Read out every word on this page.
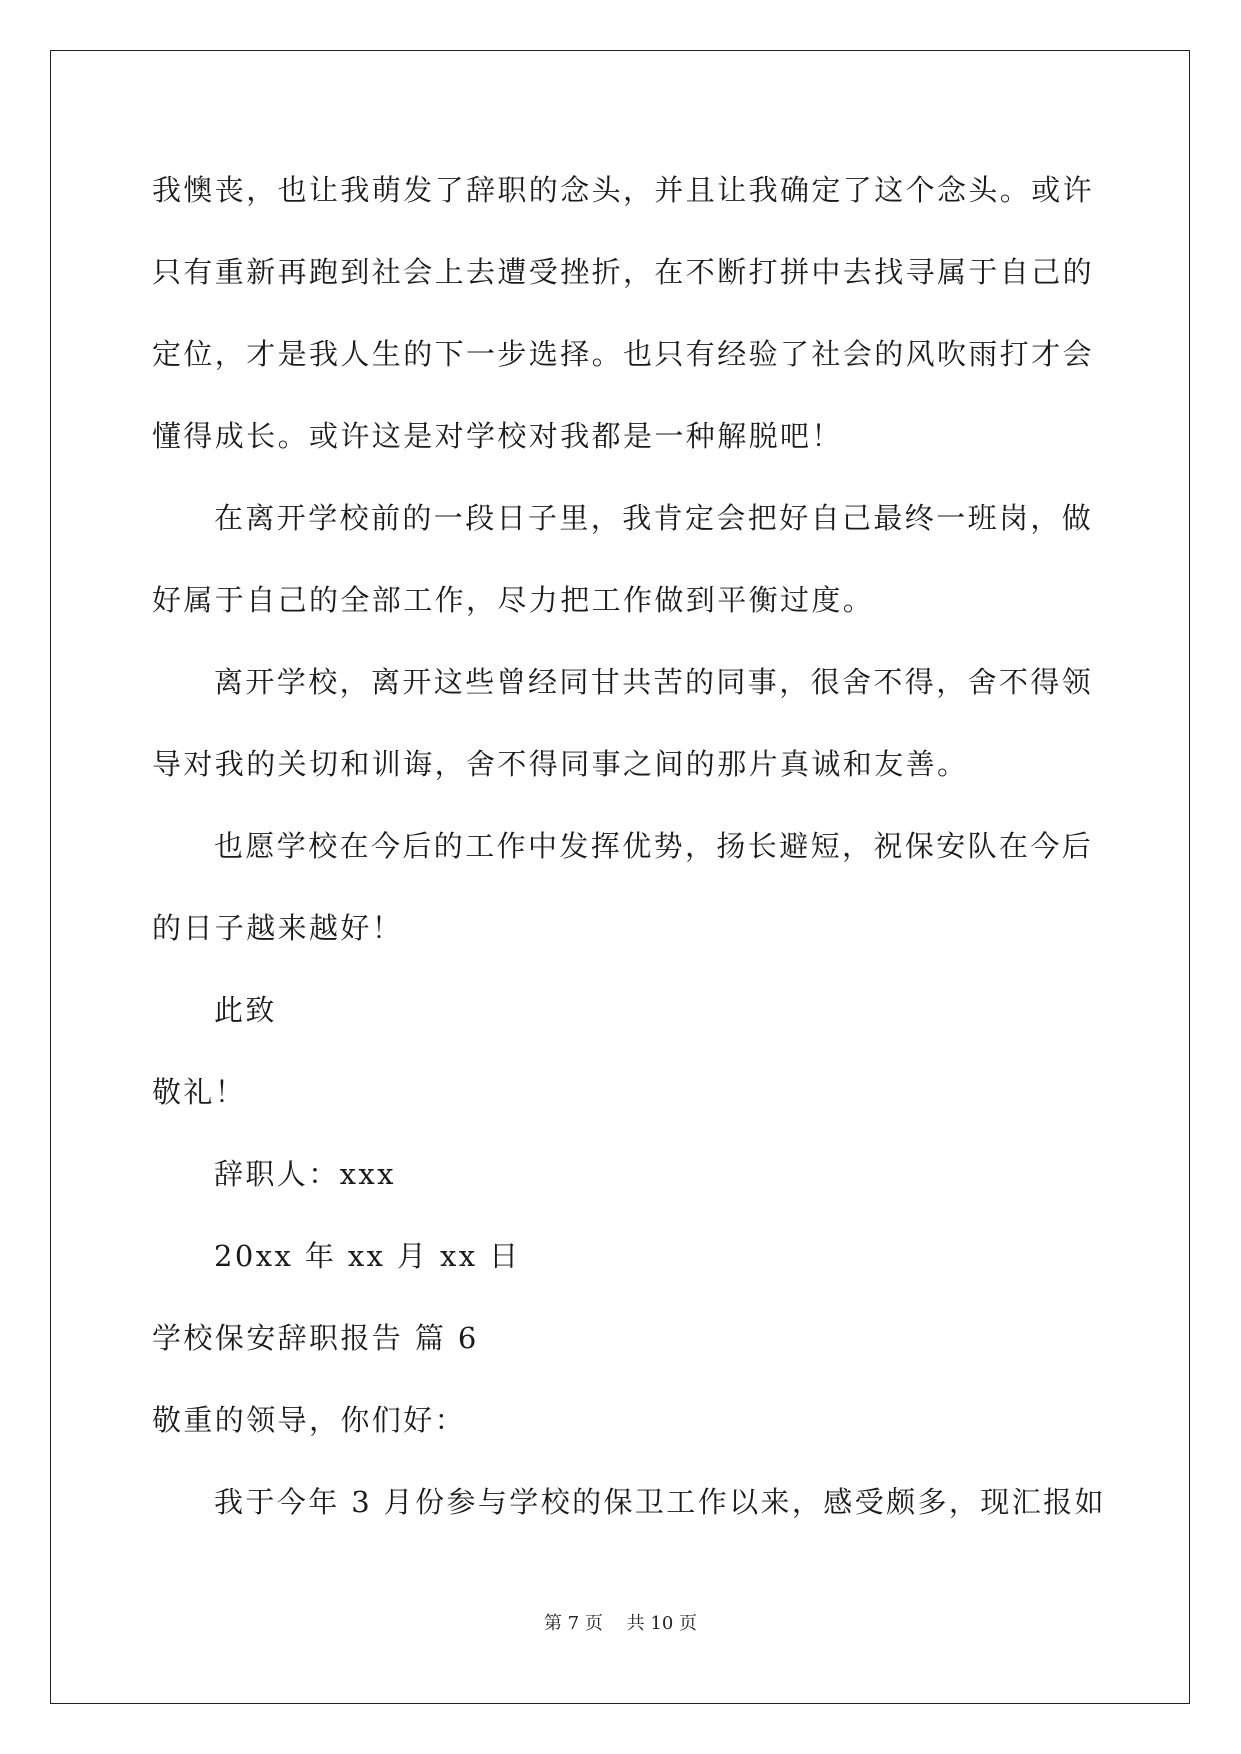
我懊丧，也让我萌发了辞职的念头，并且让我确定了这个念头。或许
只有重新再跑到社会上去遭受挫折，在不断打拼中去找寻属于自己的
定位，才是我人生的下一步选择。也只有经验了社会的风吹雨打才会
懂得成长。或许这是对学校对我都是一种解脱吧！
在离开学校前的一段日子里，我肯定会把好自己最终一班岗，做
好属于自己的全部工作，尽力把工作做到平衡过度。
离开学校，离开这些曾经同甘共苦的同事，很舍不得，舍不得领
导对我的关切和训诲，舍不得同事之间的那片真诚和友善。
也愿学校在今后的工作中发挥优势，扬长避短，祝保安队在今后
的日子越来越好！
此致
敬礼！
辞职人：xxx
20xx 年 xx 月 xx 日
学校保安辞职报告 篇 6
敬重的领导，你们好：
我于今年 3 月份参与学校的保卫工作以来，感受颇多，现汇报如
第 7 页 共 10 页
